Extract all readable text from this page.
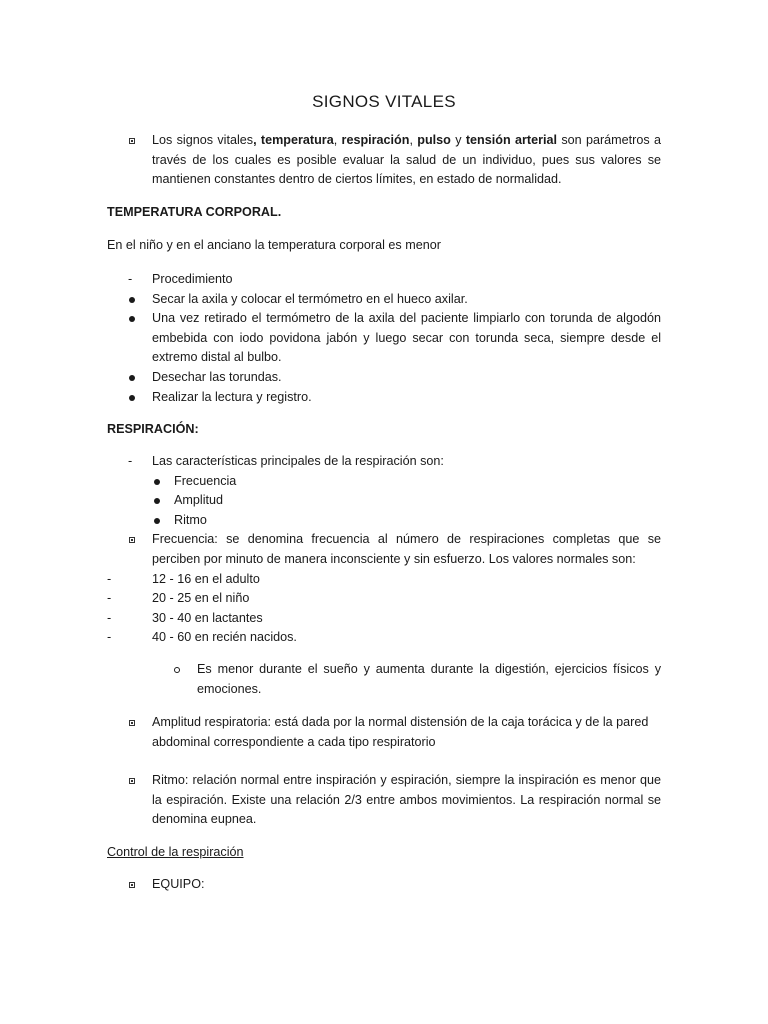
SIGNOS VITALES
Los signos vitales, temperatura, respiración, pulso y tensión arterial son parámetros a través de los cuales es posible evaluar la salud de un individuo, pues sus valores se mantienen constantes dentro de ciertos límites, en estado de normalidad.
TEMPERATURA CORPORAL.
En el niño y en el anciano la temperatura corporal es menor
- Procedimiento
Secar la axila y colocar el termómetro en el hueco axilar.
Una vez retirado el termómetro de la axila del paciente limpiarlo con torunda de algodón embebida con iodo povidona jabón y luego secar con torunda seca, siempre desde el extremo distal al bulbo.
Desechar las torundas.
Realizar la lectura y registro.
RESPIRACIÓN:
- Las características principales de la respiración son:
Frecuencia
Amplitud
Ritmo
Frecuencia: se denomina frecuencia al número de respiraciones completas que se perciben por minuto de manera inconsciente y sin esfuerzo. Los valores normales son:
-	12 - 16 en el adulto
-	20 - 25 en el niño
-	30 - 40 en lactantes
-	40 - 60 en recién nacidos.
Es menor durante el sueño y aumenta durante la digestión, ejercicios físicos y emociones.
Amplitud respiratoria: está dada por la normal distensión de la caja torácica y de la pared abdominal correspondiente a cada tipo respiratorio
Ritmo: relación normal entre inspiración y espiración, siempre la inspiración es menor que la espiración. Existe una relación 2/3 entre ambos movimientos. La respiración normal se denomina eupnea.
Control de la respiración
EQUIPO:
